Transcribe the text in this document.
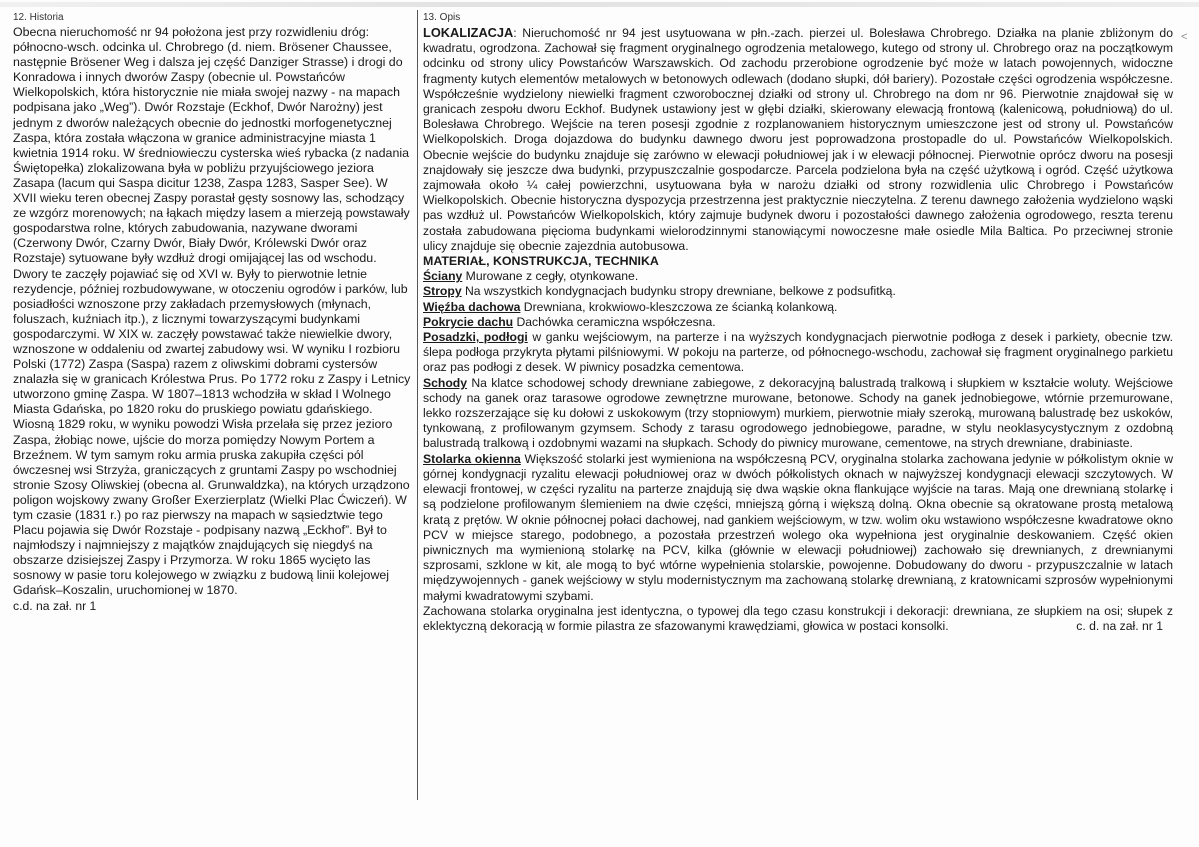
12. Historia

Obecna nieruchomość nr 94 położona jest przy rozwidleniu dróg: północno-wsch. odcinka ul. Chrobrego (d. niem. Brösener Chaussee, następnie Brösener Weg i dalsza jej część Danziger Strasse) i drogi do Konradowa i innych dworów Zaspy (obecnie ul. Powstańców Wielkopolskich, która historycznie nie miała swojej nazwy - na mapach podpisana jako „Weg”). Dwór Rozstaje (Eckhof, Dwór Narożny) jest jednym z dworów należących obecnie do jednostki morfogenetycznej Zaspa, która została włączona w granice administracyjne miasta 1 kwietnia 1914 roku. W średniowieczu cysterska wieś rybacka (z nadania Świętopełka) zlokalizowana była w pobliżu przyujściowego jeziora Zasapa (lacum qui Saspa dicitur 1238, Zaspa 1283, Sasper See). W XVII wieku teren obecnej Zaspy porastał gęsty sosnowy las, schodzący ze wzgórz morenowych; na łąkach między lasem a mierzeją powstawały gospodarstwa rolne, których zabudowania, nazywane dworami (Czerwony Dwór, Czarny Dwór, Biały Dwór, Królewski Dwór oraz Rozstaje) sytuowane były wzdłuż drogi omijającej las od wschodu. Dwory te zaczęły pojawiać się od XVI w. Były to pierwotnie letnie rezydencje, później rozbudowywane, w otoczeniu ogrodów i parków, lub posiadłości wznoszone przy zakładach przemysłowych (młynach, foluszach, kuźniach itp.), z licznymi towarzyszącymi budynkami gospodarczymi. W XIX w. zaczęły powstawać także niewielkie dwory, wznoszone w oddaleniu od zwartej zabudowy wsi. W wyniku I rozbioru Polski (1772) Zaspa (Saspa) razem z oliwskimi dobrami cystersów znalazła się w granicach Królestwa Prus. Po 1772 roku z Zaspy i Letnicy utworzono gminę Zaspa. W 1807–1813 wchodziła w skład I Wolnego Miasta Gdańska, po 1820 roku do pruskiego powiatu gdańskiego. Wiosną 1829 roku, w wyniku powodzi Wisła przelała się przez jezioro Zaspa, żłobiąc nowe, ujście do morza pomiędzy Nowym Portem a Brzeźnem. W tym samym roku armia pruska zakupiła części pól ówczesnej wsi Strzyża, graniczących z gruntami Zaspy po wschodniej stronie Szosy Oliwskiej (obecna al. Grunwaldzka), na których urządzono poligon wojskowy zwany Großer Exerzierplatz (Wielki Plac Ćwiczeń). W tym czasie (1831 r.) po raz pierwszy na mapach w sąsiedztwie tego Placu pojawia się Dwór Rozstaje - podpisany nazwą „Eckhof”. Był to najmłodszy i najmniejszy z majątków znajdujących się niegdyś na obszarze dzisiejszej Zaspy i Przymorza. W roku 1865 wycięto las sosnowy w pasie toru kolejowego w związku z budową linii kolejowej Gdańsk–Koszalin, uruchomionej w 1870.

c.d. na zał. nr 1

13. Opis

LOKALIZACJA: Nieruchomość nr 94 jest usytuowana w płn.-zach. pierzei ul. Bolesława Chrobrego. Działka na planie zbliżonym do kwadratu, ogrodzona. Zachował się fragment oryginalnego ogrodzenia metalowego, kutego od strony ul. Chrobrego oraz na początkowym odcinku od strony ulicy Powstańców Warszawskich. Od zachodu przerobione ogrodzenie być może w latach powojennych, widoczne fragmenty kutych elementów metalowych w betonowych odlewach (dodano słupki, dół bariery). Pozostałe części ogrodzenia współczesne. Współcześnie wydzielony niewielki fragment czworobocznej działki od strony ul. Chrobrego na dom nr 96. Pierwotnie znajdował się w granicach zespołu dworu Eckhof. Budynek ustawiony jest w głębi działki, skierowany elewacją frontową (kalenicową, południową) do ul. Bolesława Chrobrego. Wejście na teren posesji zgodnie z rozplanowaniem historycznym umieszczone jest od strony ul. Powstańców Wielkopolskich. Droga dojazdowa do budynku dawnego dworu jest poprowadzona prostopadle do ul. Powstańców Wielkopolskich. Obecnie wejście do budynku znajduje się zarówno w elewacji południowej jak i w elewacji północnej. Pierwotnie oprócz dworu na posesji znajdowały się jeszcze dwa budynki, przypuszczalnie gospodarcze. Parcela podzielona była na część użytkową i ogród. Część użytkowa zajmowała około ¼ całej powierzchni, usytuowana była w narożu działki od strony rozwidlenia ulic Chrobrego i Powstańców Wielkopolskich. Obecnie historyczna dyspozycja przestrzenna jest praktycznie nieczytelna. Z terenu dawnego założenia wydzielono wąski pas wzdłuż ul. Powstańców Wielkopolskich, który zajmuje budynek dworu i pozostałości dawnego założenia ogrodowego, reszta terenu została zabudowana pięcioma budynkami wielorodzinnymi stanowiącymi nowoczesne małe osiedle Mila Baltica. Po przeciwnej stronie ulicy znajduje się obecnie zajezdnia autobusowa.

MATERIAŁ, KONSTRUKCJA, TECHNIKA

Ściany Murowane z cegły, otynkowane.

Stropy Na wszystkich kondygnacjach budynku stropy drewniane, belkowe z podsufitką.

Więźba dachowa Drewniana, krokwiowo-kleszczowa ze ścianką kolankową.

Pokrycie dachu Dachówka ceramiczna współczesna.

Posadzki, podłogi w ganku wejściowym, na parterze i na wyższych kondygnacjach pierwotnie podłoga z desek i parkiety, obecnie tzw. ślepa podłoga przykryta płytami pilśniowymi. W pokoju na parterze, od północnego-wschodu, zachował się fragment oryginalnego parkietu oraz pas podłogi z desek. W piwnicy posadzka cementowa.

Schody Na klatce schodowej schody drewniane zabiegowe, z dekoracyjną balustradą tralkową i słupkiem w kształcie woluty. Wejściowe schody na ganek oraz tarasowe ogrodowe zewnętrzne murowane, betonowe. Schody na ganek jednobiegowe, wtórnie przemurowane, lekko rozszerzające się ku dołowi z uskokowym (trzy stopniowym) murkiem, pierwotnie miały szeroką, murowaną balustradę bez uskoków, tynkowaną, z profilowanym gzymsem. Schody z tarasu ogrodowego jednobiegowe, paradne, w stylu neoklasycystycznym z ozdobną balustradą tralkową i ozdobnymi wazami na słupkach. Schody do piwnicy murowane, cementowe, na strych drewniane, drabiniaste.

Stolarka okienna Większość stolarki jest wymieniona na współczesną PCV, oryginalna stolarka zachowana jedynie w półkolistym oknie w górnej kondygnacji ryzalitu elewacji południowej oraz w dwóch półkolistych oknach w najwyższej kondygnacji elewacji szczytowych. W elewacji frontowej, w części ryzalitu na parterze znajdują się dwa wąskie okna flankujące wyjście na taras. Mają one drewnianą stolarkę i są podzielone profilowanym ślemieniem na dwie części, mniejszą górną i większą dolną. Okna obecnie są okratowane prostą metalową kratą z prętów. W oknie północnej połaci dachowej, nad gankiem wejściowym, w tzw. wolim oku wstawiono współczesne kwadratowe okno PCV w miejsce starego, podobnego, a pozostała przestrzeń wolego oka wypełniona jest oryginalnie deskowaniem. Część okien piwnicznych ma wymienioną stolarkę na PCV, kilka (głównie w elewacji południowej) zachowało się drewnianych, z drewnianymi szprosami, szklone w kit, ale mogą to być wtórne wypełnienia stolarskie, powojenne. Dobudowany do dworu - przypuszczalnie w latach międzywojennych - ganek wejściowy w stylu modernistycznym ma zachowaną stolarkę drewnianą, z kratownicami szprosów wypełnionymi małymi kwadratowymi szybami.

Zachowana stolarka oryginalna jest identyczna, o typowej dla tego czasu konstrukcji i dekoracji: drewniana, ze słupkiem na osi; słupek z eklektyczną dekoracją w formie pilastra ze sfazowanymi krawędziami, głowica w postaci konsolki.	c. d. na zał. nr 1

<
